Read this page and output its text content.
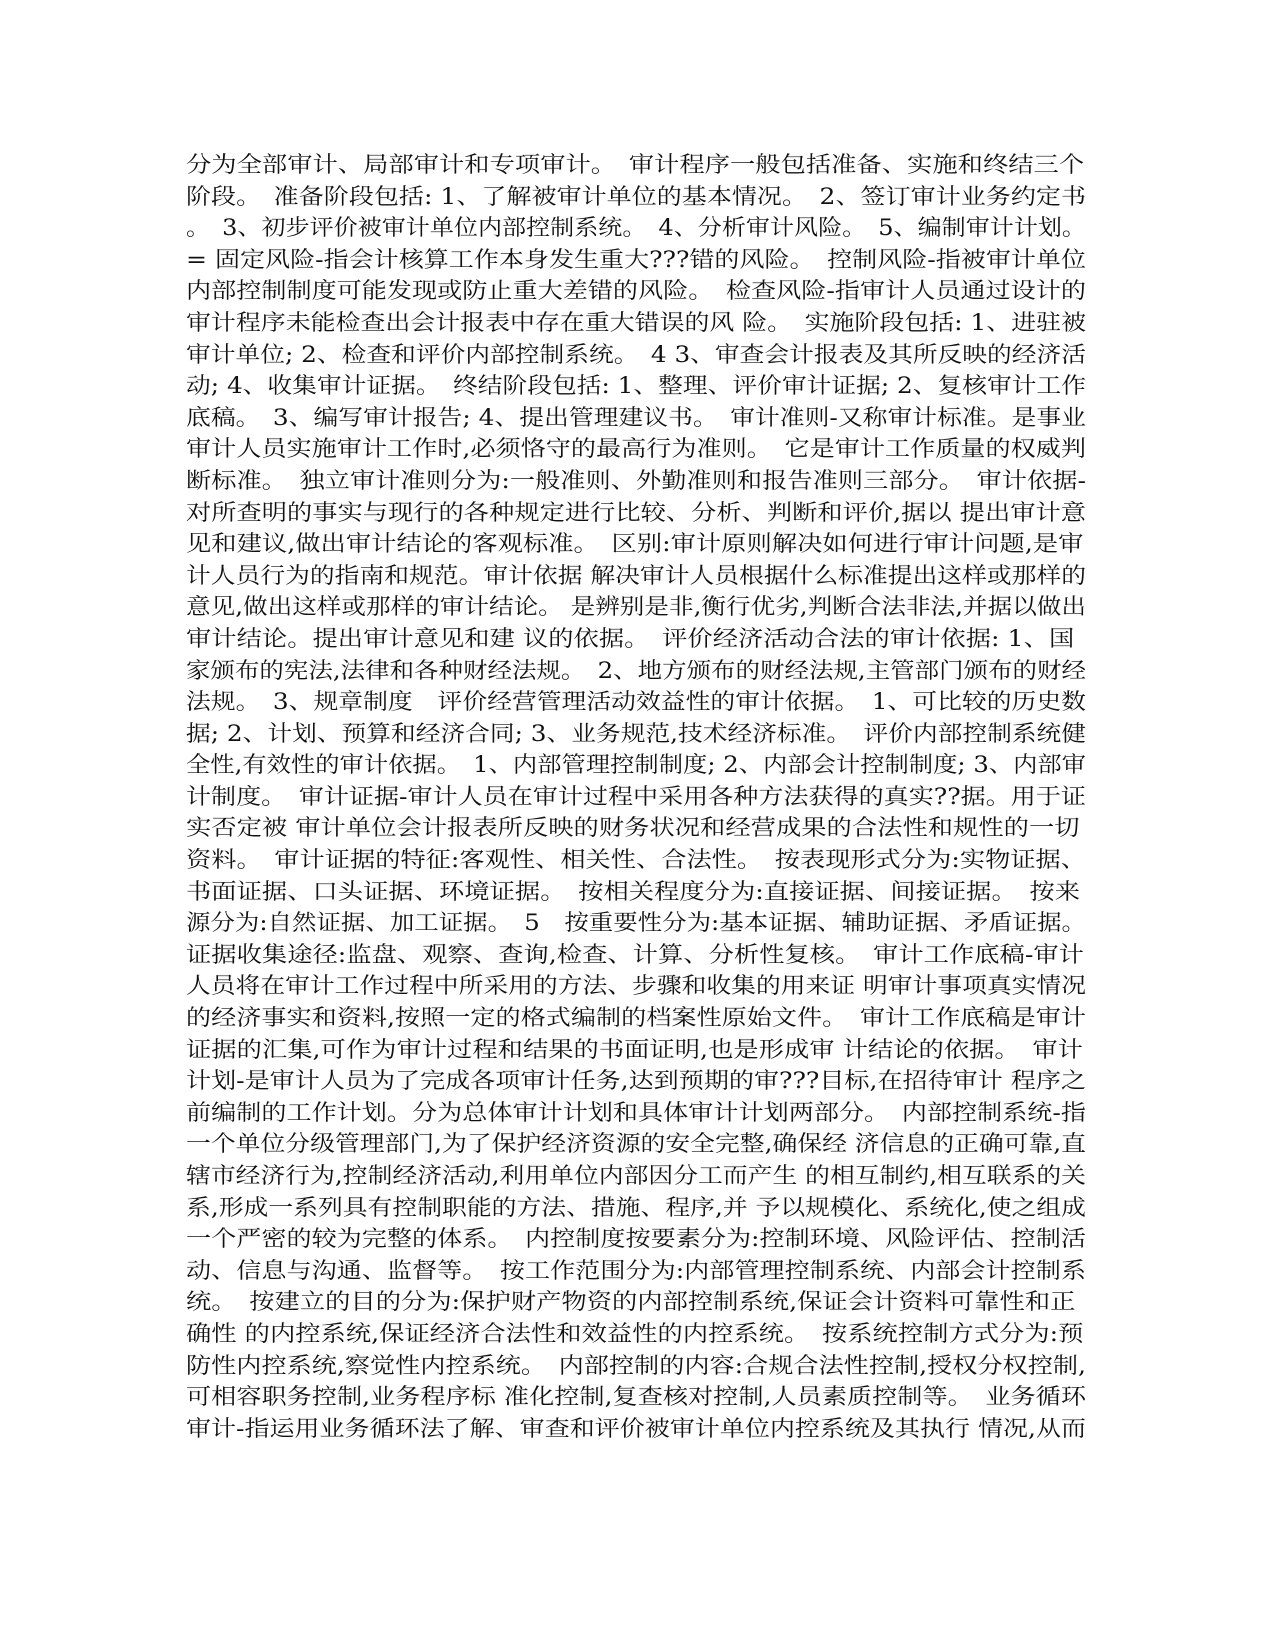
分为全部审计、局部审计和专项审计。　审计程序一般包括准备、实施和终结三个
阶段。　准备阶段包括: 1、了解被审计单位的基本情况。　2、签订审计业务约定书
。　3、初步评价被审计单位内部控制系统。　4、分析审计风险。　5、编制审计计划。
= 固定风险-指会计核算工作本身发生重大???错的风险。　控制风险-指被审计单位
内部控制制度可能发现或防止重大差错的风险。　检查风险-指审计人员通过设计的
审计程序未能检查出会计报表中存在重大错误的风 险。　实施阶段包括: 1、进驻被
审计单位; 2、检查和评价内部控制系统。　4 3、审查会计报表及其所反映的经济活
动; 4、收集审计证据。　终结阶段包括: 1、整理、评价审计证据; 2、复核审计工作
底稿。　3、编写审计报告; 4、提出管理建议书。　审计准则-又称审计标准。是事业
审计人员实施审计工作时,必须恪守的最高行为准则。　它是审计工作质量的权威判
断标准。　独立审计准则分为:一般准则、外勤准则和报告准则三部分。　审计依据-
对所查明的事实与现行的各种规定进行比较、分析、判断和评价,据以 提出审计意
见和建议,做出审计结论的客观标准。　区别:审计原则解决如何进行审计问题,是审
计人员行为的指南和规范。审计依据 解决审计人员根据什么标准提出这样或那样的
意见,做出这样或那样的审计结论。 是辨别是非,衡行优劣,判断合法非法,并据以做出
审计结论。提出审计意见和建 议的依据。　评价经济活动合法的审计依据: 1、国
家颁布的宪法,法律和各种财经法规。　2、地方颁布的财经法规,主管部门颁布的财经
法规。　3、规章制度　评价经营管理活动效益性的审计依据。　1、可比较的历史数
据; 2、计划、预算和经济合同; 3、业务规范,技术经济标准。　评价内部控制系统健
全性,有效性的审计依据。　1、内部管理控制制度; 2、内部会计控制制度; 3、内部审
计制度。　审计证据-审计人员在审计过程中采用各种方法获得的真实??据。用于证
实否定被 审计单位会计报表所反映的财务状况和经营成果的合法性和规性的一切
资料。　审计证据的特征:客观性、相关性、合法性。　按表现形式分为:实物证据、
书面证据、口头证据、环境证据。　按相关程度分为:直接证据、间接证据。　按来
源分为:自然证据、加工证据。　5　按重要性分为:基本证据、辅助证据、矛盾证据。
证据收集途径:监盘、观察、查询,检查、计算、分析性复核。　审计工作底稿-审计
人员将在审计工作过程中所采用的方法、步骤和收集的用来证 明审计事项真实情况
的经济事实和资料,按照一定的格式编制的档案性原始文件。　审计工作底稿是审计
证据的汇集,可作为审计过程和结果的书面证明,也是形成审 计结论的依据。　审计
计划-是审计人员为了完成各项审计任务,达到预期的审???目标,在招待审计 程序之
前编制的工作计划。分为总体审计计划和具体审计计划两部分。　内部控制系统-指
一个单位分级管理部门,为了保护经济资源的安全完整,确保经 济信息的正确可靠,直
辖市经济行为,控制经济活动,利用单位内部因分工而产生 的相互制约,相互联系的关
系,形成一系列具有控制职能的方法、措施、程序,并 予以规模化、系统化,使之组成
一个严密的较为完整的体系。　内控制度按要素分为:控制环境、风险评估、控制活
动、信息与沟通、监督等。　按工作范围分为:内部管理控制系统、内部会计控制系
统。　按建立的目的分为:保护财产物资的内部控制系统,保证会计资料可靠性和正
确性 的内控系统,保证经济合法性和效益性的内控系统。　按系统控制方式分为:预
防性内控系统,察觉性内控系统。　内部控制的内容:合规合法性控制,授权分权控制,
可相容职务控制,业务程序标 准化控制,复查核对控制,人员素质控制等。　业务循环
审计-指运用业务循环法了解、审查和评价被审计单位内控系统及其执行 情况,从而
